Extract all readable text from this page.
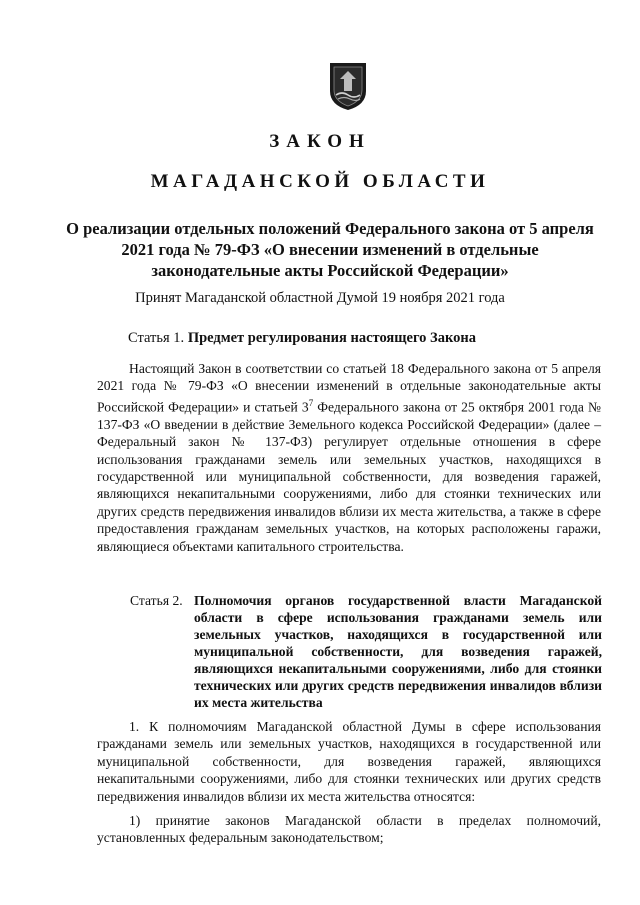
ЗАКОН
МАГАДАНСКОЙ ОБЛАСТИ
О реализации отдельных положений Федерального закона от 5 апреля 2021 года № 79-ФЗ «О внесении изменений в отдельные законодательные акты Российской Федерации»
Принят Магаданской областной Думой 19 ноября 2021 года
Статья 1. Предмет регулирования настоящего Закона
Настоящий Закон в соответствии со статьей 18 Федерального закона от 5 апреля 2021 года № 79-ФЗ «О внесении изменений в отдельные законодательные акты Российской Федерации» и статьей $3^7$ Федерального закона от 25 октября 2001 года № 137-ФЗ «О введении в действие Земельного кодекса Российской Федерации» (далее – Федеральный закон № 137-ФЗ) регулирует отдельные отношения в сфере использования гражданами земель или земельных участков, находящихся в государственной или муниципальной собственности, для возведения гаражей, являющихся некапитальными сооружениями, либо для стоянки технических или других средств передвижения инвалидов вблизи их места жительства, а также в сфере предоставления гражданам земельных участков, на которых расположены гаражи, являющиеся объектами капитального строительства.
Статья 2. Полномочия органов государственной власти Магаданской области в сфере использования гражданами земель или земельных участков, находящихся в государственной или муниципальной собственности, для возведения гаражей, являющихся некапитальными сооружениями, либо для стоянки технических или других средств передвижения инвалидов вблизи их места жительства
1. К полномочиям Магаданской областной Думы в сфере использования гражданами земель или земельных участков, находящихся в государственной или муниципальной собственности, для возведения гаражей, являющихся некапитальными сооружениями, либо для стоянки технических или других средств передвижения инвалидов вблизи их места жительства относятся:
1) принятие законов Магаданской области в пределах полномочий, установленных федеральным законодательством;
